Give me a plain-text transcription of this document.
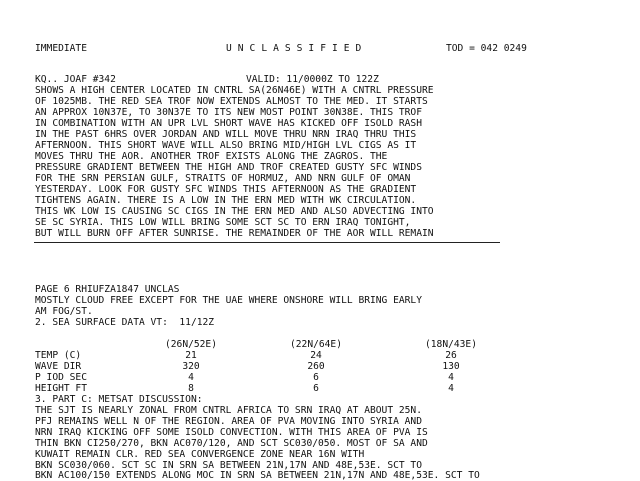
IMMEDIATE	UNCLASSIFIED	TOD = 042 0249
KQ.. JOAF #342	VALID: 11/0000Z TO 122Z
SHOWS A HIGH CENTER LOCATED IN CNTRL SA(26N46E) WITH A CNTRL PRESSURE
OF 1025MB. THE RED SEA TROF NOW EXTENDS ALMOST TO THE MED. IT STARTS
AN APPROX 10N37E, TO 30N37E TO ITS NEW MOST POINT 30N38E. THIS TROF
IN COMBINATION WITH AN UPR LVL SHORT WAVE HAS KICKED OFF ISOLD RASH
IN THE PAST 6HRS OVER JORDAN AND WILL MOVE THRU NRN IRAQ THRU THIS
AFTERNOON. THIS SHORT WAVE WILL ALSO BRING MID/HIGH LVL CIGS AS IT
MOVES THRU THE AOR. ANOTHER TROF EXISTS ALONG THE ZAGROS. THE
PRESSURE GRADIENT BETWEEN THE HIGH AND TROF CREATED GUSTY SFC WINDS
FOR THE SRN PERSIAN GULF, STRAITS OF HORMUZ, AND NRN GULF OF OMAN
YESTERDAY. LOOK FOR GUSTY SFC WINDS THIS AFTERNOON AS THE GRADIENT
TIGHTENS AGAIN. THERE IS A LOW IN THE ERN MED WITH WK CIRCULATION.
THIS WK LOW IS CAUSING SC CIGS IN THE ERN MED AND ALSO ADVECTING INTO
SE SC SYRIA. THIS LOW WILL BRING SOME SCT SC TO ERN IRAQ TONIGHT,
BUT WILL BURN OFF AFTER SUNRISE. THE REMAINDER OF THE AOR WILL REMAIN
PAGE 6 RHIUFZA1847 UNCLAS
MOSTLY CLOUD FREE EXCEPT FOR THE UAE WHERE ONSHORE WILL BRING EARLY
AM FOG/ST.
2. SEA SURFACE DATA VT:  11/12Z
	(26N/52E)	(22N/64E)	(18N/43E)
TEMP (C)	21	24	26
WAVE DIR	320	260	130
P IOD SEC	4	6	4
HEIGHT FT	8	6	4
3. PART C: METSAT DISCUSSION:
THE SJT IS NEARLY ZONAL FROM CNTRL AFRICA TO SRN IRAQ AT ABOUT 25N.
PFJ REMAINS WELL N OF THE REGION. AREA OF PVA MOVING INTO SYRIA AND
NRN IRAQ KICKING OFF SOME ISOLD CONVECTION. WITH THIS AREA OF PVA IS
THIN BKN CI250/270, BKN AC070/120, AND SCT SC030/050. MOST OF SA AND
KUWAIT REMAIN CLR. RED SEA CONVERGENCE ZONE NEAR 16N WITH
BKN SC030/060. SCT SC IN SRN SA BETWEEN 21N,17N AND 48E,53E. SCT TO
BKN AC100/150 EXTENDS ALONG MOC IN SRN SA BETWEEN 21N,17N AND 48E,53E. SCT TO
